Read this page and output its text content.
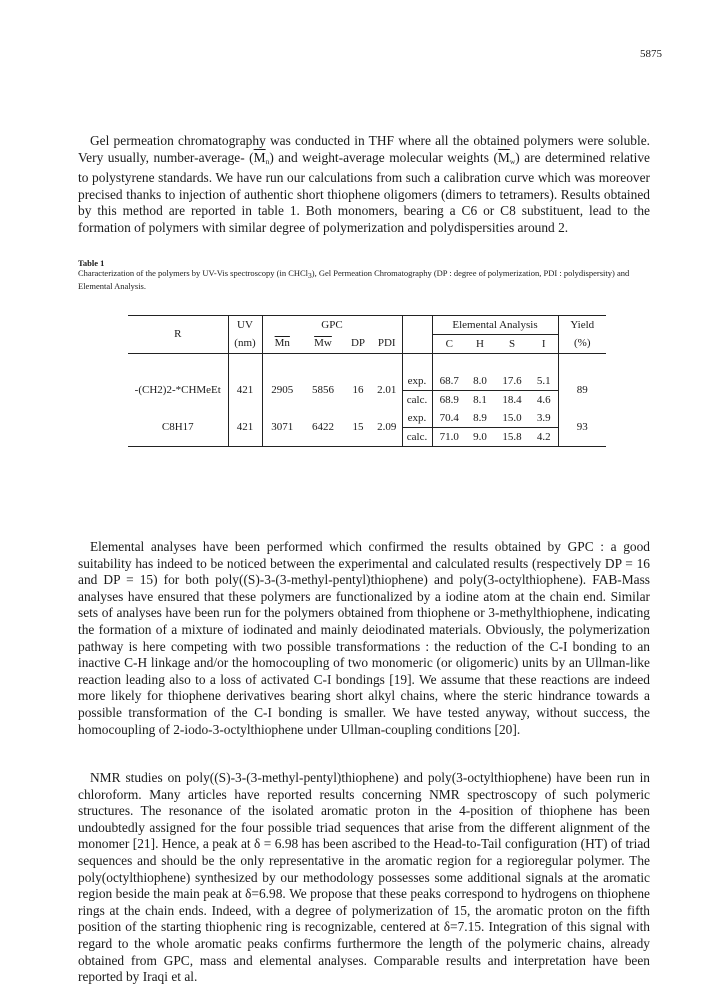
5875

Gel permeation chromatography was conducted in THF where all the obtained polymers were soluble. Very usually, number-average- $(\overline{M}_n)$ and weight-average molecular weights $(\overline{M}_w)$ are determined relative to polystyrene standards. We have run our calculations from such a calibration curve which was moreover precised thanks to injection of authentic short thiophene oligomers (dimers to tetramers). Results obtained by this method are reported in table 1. Both monomers, bearing a C6 or C8 substituent, lead to the formation of polymers with similar degree of polymerization and polydispersities around 2.

Table 1
Characterization of the polymers by UV-Vis spectroscopy (in CHCl3), Gel Permeation Chromatography (DP : degree of polymerization, PDI : polydispersity) and Elemental Analysis.
R	UV	GPC					Elemental Analysis				Yield
	(nm)	$\overline{Mn}$	$\overline{Mw}$	DP	PDI		C	H	S	I	(%)

-(CH2)2-*CHMeEt	421	2905	5856	16	2.01	exp.	68.7	8.0	17.6	5.1	89
						calc.	68.9	8.1	18.4	4.6	
C8H17	421	3071	6422	15	2.09	exp.	70.4	8.9	15.0	3.9	93
						calc.	71.0	9.0	15.8	4.2	

Elemental analyses have been performed which confirmed the results obtained by GPC : a good suitability has indeed to be noticed between the experimental and calculated results (respectively DP = 16 and DP = 15) for both poly((S)-3-(3-methyl-pentyl)thiophene) and poly(3-octylthiophene). FAB-Mass analyses have ensured that these polymers are functionalized by a iodine atom at the chain end. Similar sets of analyses have been run for the polymers obtained from thiophene or 3-methylthiophene, indicating the formation of a mixture of iodinated and mainly deiodinated materials. Obviously, the polymerization pathway is here competing with two possible transformations : the reduction of the C-I bonding to an inactive C-H linkage and/or the homocoupling of two monomeric (or oligomeric) units by an Ullman-like reaction leading also to a loss of activated C-I bondings [19]. We assume that these reactions are indeed more likely for thiophene derivatives bearing short alkyl chains, where the steric hindrance towards a possible transformation of the C-I bonding is smaller. We have tested anyway, without success, the homocoupling of 2-iodo-3-octylthiophene under Ullman-coupling conditions [20].

NMR studies on poly((S)-3-(3-methyl-pentyl)thiophene) and poly(3-octylthiophene) have been run in chloroform. Many articles have reported results concerning NMR spectroscopy of such polymeric structures. The resonance of the isolated aromatic proton in the 4-position of thiophene has been undoubtedly assigned for the four possible triad sequences that arise from the different alignment of the monomer [21]. Hence, a peak at δ = 6.98 has been ascribed to the Head-to-Tail configuration (HT) of triad sequences and should be the only representative in the aromatic region for a regioregular polymer. The poly(octylthiophene) synthesized by our methodology possesses some additional signals at the aromatic region beside the main peak at δ=6.98. We propose that these peaks correspond to hydrogens on thiophene rings at the chain ends. Indeed, with a degree of polymerization of 15, the aromatic proton on the fifth position of the starting thiophenic ring is recognizable, centered at δ=7.15. Integration of this signal with regard to the whole aromatic peaks confirms furthermore the length of the polymeric chains, already obtained from GPC, mass and elemental analyses. Comparable results and interpretation have been reported by Iraqi et al.
